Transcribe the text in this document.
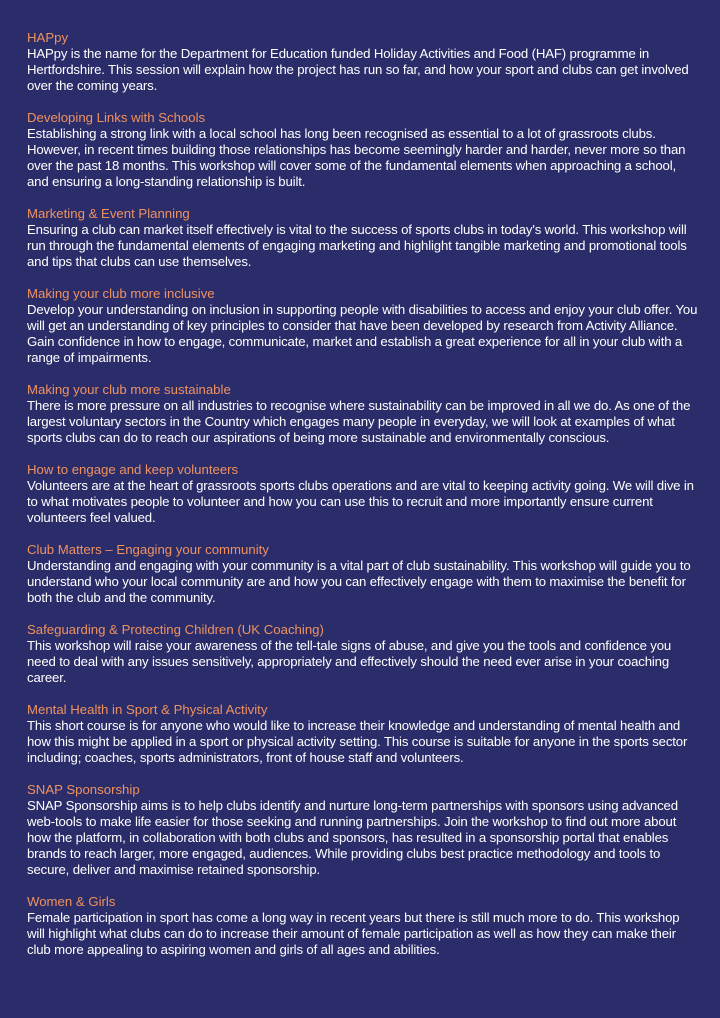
HAPpy

HAPpy is the name for the Department for Education funded Holiday Activities and Food (HAF) programme in Hertfordshire. This session will explain how the project has run so far, and how your sport and clubs can get involved over the coming years.

Developing Links with Schools

Establishing a strong link with a local school has long been recognised as essential to a lot of grassroots clubs. However, in recent times building those relationships has become seemingly harder and harder, never more so than over the past 18 months. This workshop will cover some of the fundamental elements when approaching a school, and ensuring a long-standing relationship is built.

Marketing & Event Planning

Ensuring a club can market itself effectively is vital to the success of sports clubs in today's world. This workshop will run through the fundamental elements of engaging marketing and highlight tangible marketing and promotional tools and tips that clubs can use themselves.

Making your club more inclusive

Develop your understanding on inclusion in supporting people with disabilities to access and enjoy your club offer. You will get an understanding of key principles to consider that have been developed by research from Activity Alliance. Gain confidence in how to engage, communicate, market and establish a great experience for all in your club with a range of impairments.

Making your club more sustainable

There is more pressure on all industries to recognise where sustainability can be improved in all we do. As one of the largest voluntary sectors in the Country which engages many people in everyday, we will look at examples of what sports clubs can do to reach our aspirations of being more sustainable and environmentally conscious.

How to engage and keep volunteers

Volunteers are at the heart of grassroots sports clubs operations and are vital to keeping activity going. We will dive in to what motivates people to volunteer and how you can use this to recruit and more importantly ensure current volunteers feel valued.

Club Matters – Engaging your community

Understanding and engaging with your community is a vital part of club sustainability. This workshop will guide you to understand who your local community are and how you can effectively engage with them to maximise the benefit for both the club and the community.

Safeguarding & Protecting Children (UK Coaching)

This workshop will raise your awareness of the tell-tale signs of abuse, and give you the tools and confidence you need to deal with any issues sensitively, appropriately and effectively should the need ever arise in your coaching career.

Mental Health in Sport & Physical Activity

This short course is for anyone who would like to increase their knowledge and understanding of mental health and how this might be applied in a sport or physical activity setting. This course is suitable for anyone in the sports sector including; coaches, sports administrators, front of house staff and volunteers.

SNAP Sponsorship

SNAP Sponsorship aims is to help clubs identify and nurture long-term partnerships with sponsors using advanced web-tools to make life easier for those seeking and running partnerships. Join the workshop to find out more about how the platform, in collaboration with both clubs and sponsors, has resulted in a sponsorship portal that enables brands to reach larger, more engaged, audiences. While providing clubs best practice methodology and tools to secure, deliver and maximise retained sponsorship.

Women & Girls

Female participation in sport has come a long way in recent years but there is still much more to do. This workshop will highlight what clubs can do to increase their amount of female participation as well as how they can make their club more appealing to aspiring women and girls of all ages and abilities.
